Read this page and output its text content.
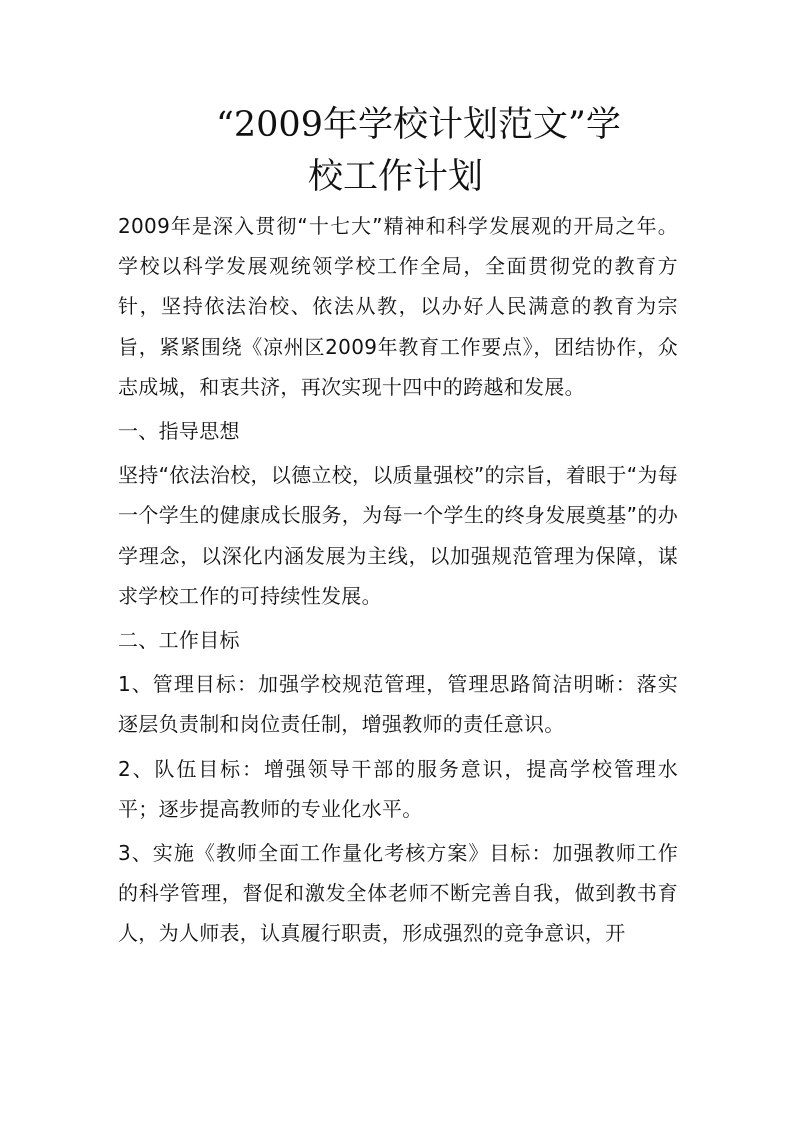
“2009年学校计划范文”学
校工作计划

2009年是深入贯彻“十七大”精神和科学发展观的开局之年。学校以科学发展观统领学校工作全局，全面贯彻党的教育方针，坚持依法治校、依法从教，以办好人民满意的教育为宗旨，紧紧围绕《凉州区2009年教育工作要点》，团结协作，众志成城，和衷共济，再次实现十四中的跨越和发展。

一、指导思想

坚持“依法治校，以德立校，以质量强校”的宗旨，着眼于“为每一个学生的健康成长服务，为每一个学生的终身发展奠基”的办学理念，以深化内涵发展为主线，以加强规范管理为保障，谋求学校工作的可持续性发展。

二、工作目标

1、管理目标：加强学校规范管理，管理思路简洁明晰：落实逐层负责制和岗位责任制，增强教师的责任意识。

2、队伍目标：增强领导干部的服务意识，提高学校管理水平；逐步提高教师的专业化水平。

3、实施《教师全面工作量化考核方案》目标：加强教师工作的科学管理，督促和激发全体老师不断完善自我，做到教书育人，为人师表，认真履行职责，形成强烈的竞争意识，开
